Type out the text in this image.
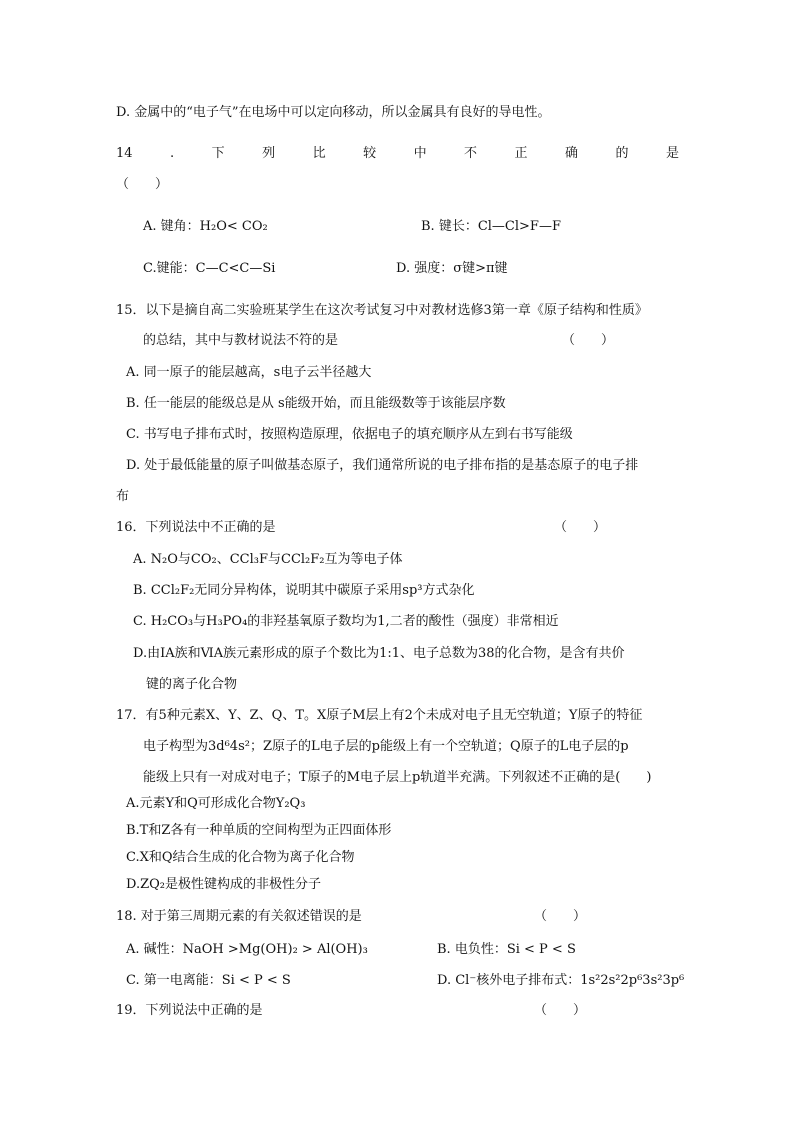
D. 金属中的“电子气”在电场中可以定向移动，所以金属具有良好的导电性。
14	.	下	列	比	较	中	不	正	确	的	是
（　　）
A. 键角：H₂O< CO₂	B. 键长：Cl—Cl>F—F
C.键能：C—C<C—Si	D. 强度：σ键>π键
15．以下是摘自高二实验班某学生在这次考试复习中对教材选修3第一章《原子结构和性质》
的总结，其中与教材说法不符的是	（　　）
A. 同一原子的能层越高，s电子云半径越大
B. 任一能层的能级总是从 s能级开始，而且能级数等于该能层序数
C. 书写电子排布式时，按照构造原理，依据电子的填充顺序从左到右书写能级
D. 处于最低能量的原子叫做基态原子，我们通常所说的电子排布指的是基态原子的电子排
布
16．下列说法中不正确的是	（　　）
A. N₂O与CO₂、CCl₃F与CCl₂F₂互为等电子体
B. CCl₂F₂无同分异构体，说明其中碳原子采用sp³方式杂化
C. H₂CO₃与H₃PO₄的非羟基氧原子数均为1,二者的酸性（强度）非常相近
D.由ⅠA族和ⅥA族元素形成的原子个数比为1:1、电子总数为38的化合物，是含有共价
键的离子化合物
17．有5种元素X、Y、Z、Q、T。X原子M层上有2个未成对电子且无空轨道；Y原子的特征
电子构型为3d⁶4s²；Z原子的L电子层的p能级上有一个空轨道；Q原子的L电子层的p
能级上只有一对成对电子；T原子的M电子层上p轨道半充满。下列叙述不正确的是(　　)
A.元素Y和Q可形成化合物Y₂Q₃
B.T和Z各有一种单质的空间构型为正四面体形
C.X和Q结合生成的化合物为离子化合物
D.ZQ₂是极性键构成的非极性分子
18. 对于第三周期元素的有关叙述错误的是	（　　）
A. 碱性：NaOH >Mg(OH)₂ > Al(OH)₃	B. 电负性：Si < P < S
C. 第一电离能：Si < P < S	D. Cl⁻核外电子排布式：1s²2s²2p⁶3s²3p⁶
19．下列说法中正确的是	（　　）
